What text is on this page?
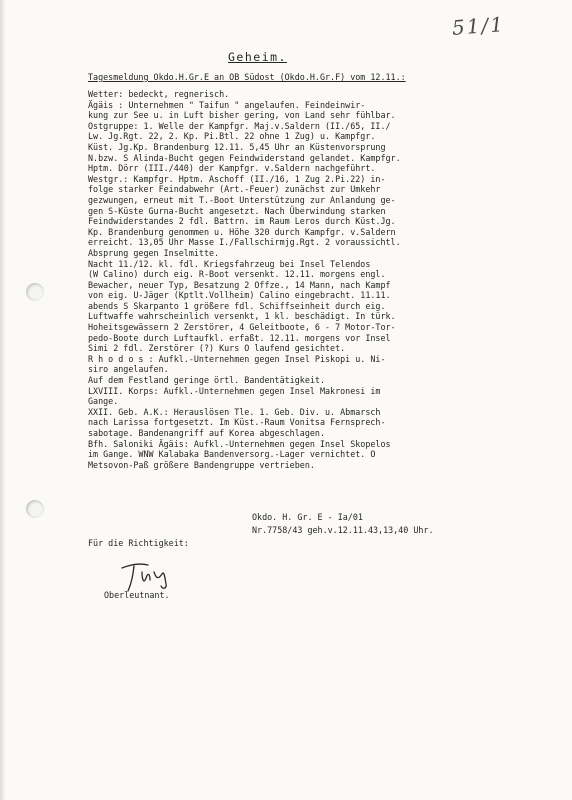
51/1
Geheim.
Tagesmeldung Okdo.H.Gr.E an OB Südost (Okdo.H.Gr.F) vom 12.11.:
Wetter: bedeckt, regnerisch.
Ägäis : Unternehmen " Taifun " angelaufen. Feindeinwir-
kung zur See u. in Luft bisher gering, von Land sehr fühlbar.
Ostgruppe: 1. Welle der Kampfgr. Maj.v.Saldern (II./65, II./
Lw. Jg.Rgt. 22, 2. Kp. Pi.Btl. 22 ohne 1 Zug) u. Kampfgr.
Küst. Jg.Kp. Brandenburg 12.11. 5,45 Uhr an Küstenvorsprung
N.bzw. S Alinda-Bucht gegen Feindwiderstand gelandet. Kampfgr.
Hptm. Dörr (III./440) der Kampfgr. v.Saldern nachgeführt.
Westgr.: Kampfgr. Hptm. Aschoff (II./16, 1 Zug 2.Pi.22) in-
folge starker Feindabwehr (Art.-Feuer) zunächst zur Umkehr
gezwungen, erneut mit T.-Boot Unterstützung zur Anlandung ge-
gen S-Küste Gurna-Bucht angesetzt. Nach Überwindung starken
Feindwiderstandes 2 fdl. Battrn. im Raum Leros durch Küst.Jg.
Kp. Brandenburg genommen u. Höhe 320 durch Kampfgr. v.Saldern
erreicht. 13,05 Uhr Masse I./Fallschirmjg.Rgt. 2 voraussichtl.
Absprung gegen Inselmitte.
Nacht 11./12. kl. fdl. Kriegsfahrzeug bei Insel Telendos
(W Calino) durch eig. R-Boot versenkt. 12.11. morgens engl.
Bewacher, neuer Typ, Besatzung 2 Offze., 14 Mann, nach Kampf
von eig. U-Jäger (Kptlt.Vollheim) Calino eingebracht. 11.11.
abends S Skarpanto 1 größere fdl. Schiffseinheit durch eig.
Luftwaffe wahrscheinlich versenkt, 1 kl. beschädigt. In türk.
Hoheitsgewässern 2 Zerstörer, 4 Geleitboote, 6 - 7 Motor-Tor-
pedo-Boote durch Luftaufkl. erfaßt. 12.11. morgens vor Insel
Simi 2 fdl. Zerstörer (?) Kurs O laufend gesichtet.
R h o d o s : Aufkl.-Unternehmen gegen Insel Piskopi u. Ni-
siro angelaufen.
Auf dem Festland geringe örtl. Bandentätigkeit.
LXVIII. Korps: Aufkl.-Unternehmen gegen Insel Makronesi im
Gange.
XXII. Geb. A.K.: Herauslösen Tle. 1. Geb. Div. u. Abmarsch
nach Larissa fortgesetzt. Im Küst.-Raum Vonitsa Fernsprech-
sabotage. Bandenangriff auf Korea abgeschlagen.
Bfh. Saloniki Ägäis: Aufkl.-Unternehmen gegen Insel Skopelos
im Gange. WNW Kalabaka Bandenversorg.-Lager vernichtet. O
Metsovon-Paß größere Bandengruppe vertrieben.
Okdo. H. Gr. E - Ia/01
Nr.7758/43 geh.v.12.11.43,13,40 Uhr.
Für die Richtigkeit:
Oberleutnant.
